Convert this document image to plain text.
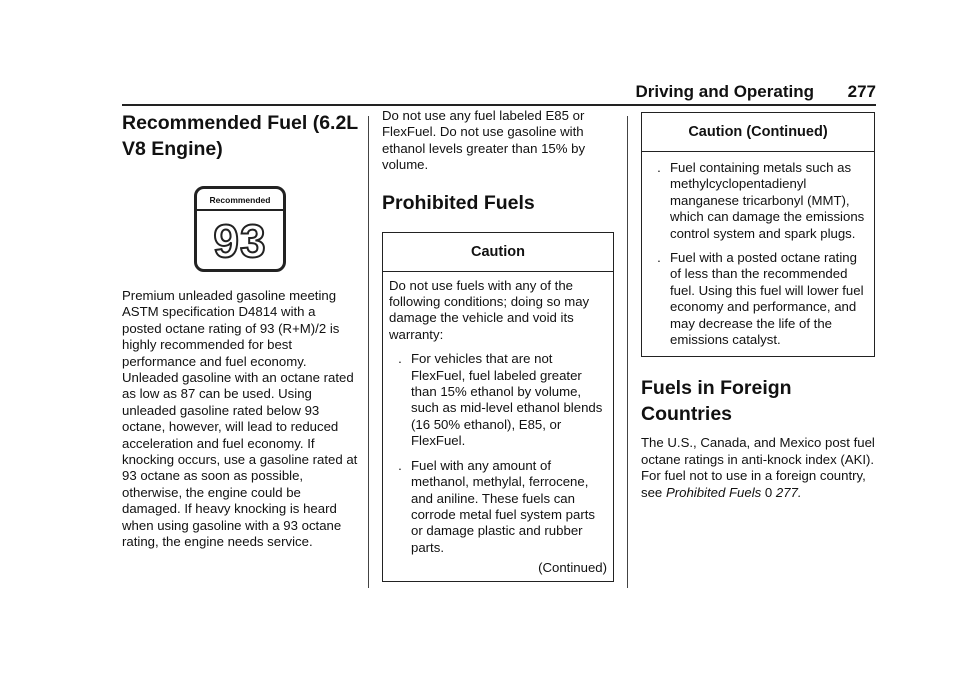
Driving and Operating 277
Recommended Fuel (6.2L V8 Engine)
Recommended
93

Premium unleaded gasoline meeting ASTM specification D4814 with a posted octane rating of 93 (R+M)/2 is highly recommended for best performance and fuel economy. Unleaded gasoline with an octane rated as low as 87 can be used. Using unleaded gasoline rated below 93 octane, however, will lead to reduced acceleration and fuel economy. If knocking occurs, use a gasoline rated at 93 octane as soon as possible, otherwise, the engine could be damaged. If heavy knocking is heard when using gasoline with a 93 octane rating, the engine needs service.

Do not use any fuel labeled E85 or FlexFuel. Do not use gasoline with ethanol levels greater than 15% by volume.

Prohibited Fuels
Caution

Do not use fuels with any of the following conditions; doing so may damage the vehicle and void its warranty:

. For vehicles that are not FlexFuel, fuel labeled greater than 15% ethanol by volume, such as mid-level ethanol blends (16 50% ethanol), E85, or FlexFuel.
. Fuel with any amount of methanol, methylal, ferrocene, and aniline. These fuels can corrode metal fuel system parts or damage plastic and rubber parts.
(Continued)
Caution (Continued)
. Fuel containing metals such as methylcyclopentadienyl manganese tricarbonyl (MMT), which can damage the emissions control system and spark plugs.
. Fuel with a posted octane rating of less than the recommended fuel. Using this fuel will lower fuel economy and performance, and may decrease the life of the emissions catalyst.
Fuels in Foreign Countries

The U.S., Canada, and Mexico post fuel octane ratings in anti-knock index (AKI). For fuel not to use in a foreign country, see Prohibited Fuels 0 277.
